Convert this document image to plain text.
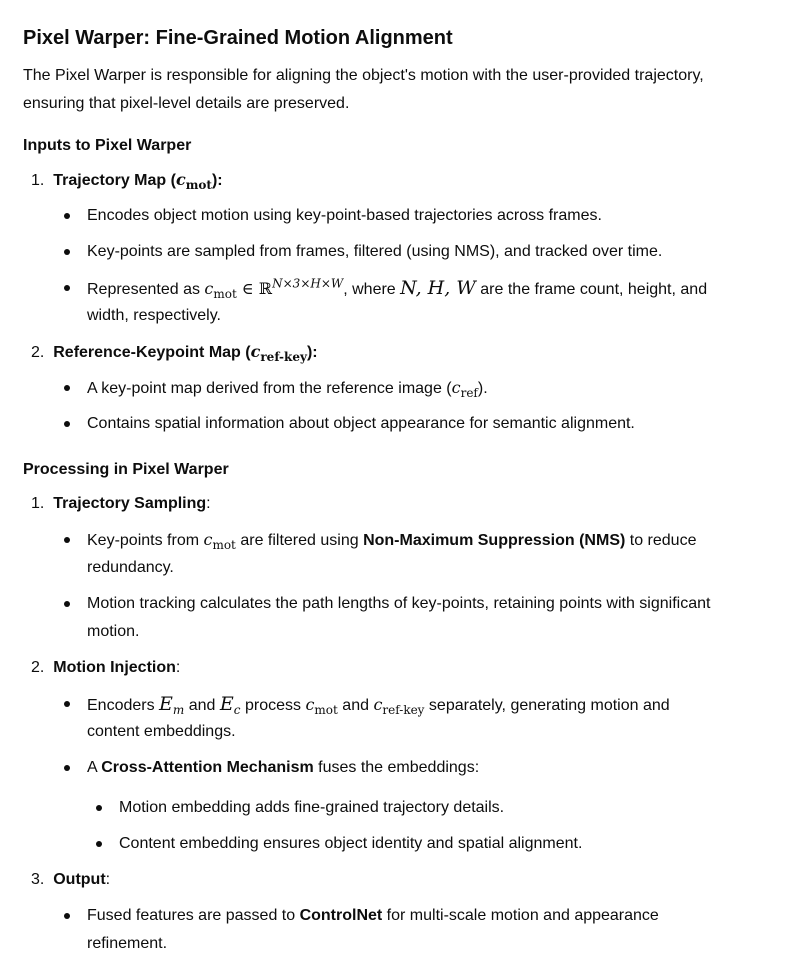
Pixel Warper: Fine-Grained Motion Alignment
The Pixel Warper is responsible for aligning the object's motion with the user-provided trajectory, ensuring that pixel-level details are preserved.
Inputs to Pixel Warper
1.  Trajectory Map $(c_{mot})$:
Encodes object motion using key-point-based trajectories across frames.
Key-points are sampled from frames, filtered (using NMS), and tracked over time.
Represented as $c_{mot}$ ∈ ℝ$^{N\times 3\times H\times W}$, where N, H, W are the frame count, height, and
width, respectively.
2.  Reference-Keypoint Map $(c_{ref-key})$:
A key-point map derived from the reference image $(c_{ref})$.
Contains spatial information about object appearance for semantic alignment.
Processing in Pixel Warper
1.  Trajectory Sampling:
Key-points from $c_{mot}$ are filtered using Non-Maximum Suppression (NMS) to reduce
redundancy.
Motion tracking calculates the path lengths of key-points, retaining points with significant
motion.
2.  Motion Injection:
Encoders $E_m$ and $E_c$ process $c_{mot}$ and $c_{ref-key}$ separately, generating motion and
content embeddings.
A Cross-Attention Mechanism fuses the embeddings:
Motion embedding adds fine-grained trajectory details.
Content embedding ensures object identity and spatial alignment.
3.  Output:
Fused features are passed to ControlNet for multi-scale motion and appearance
refinement.
